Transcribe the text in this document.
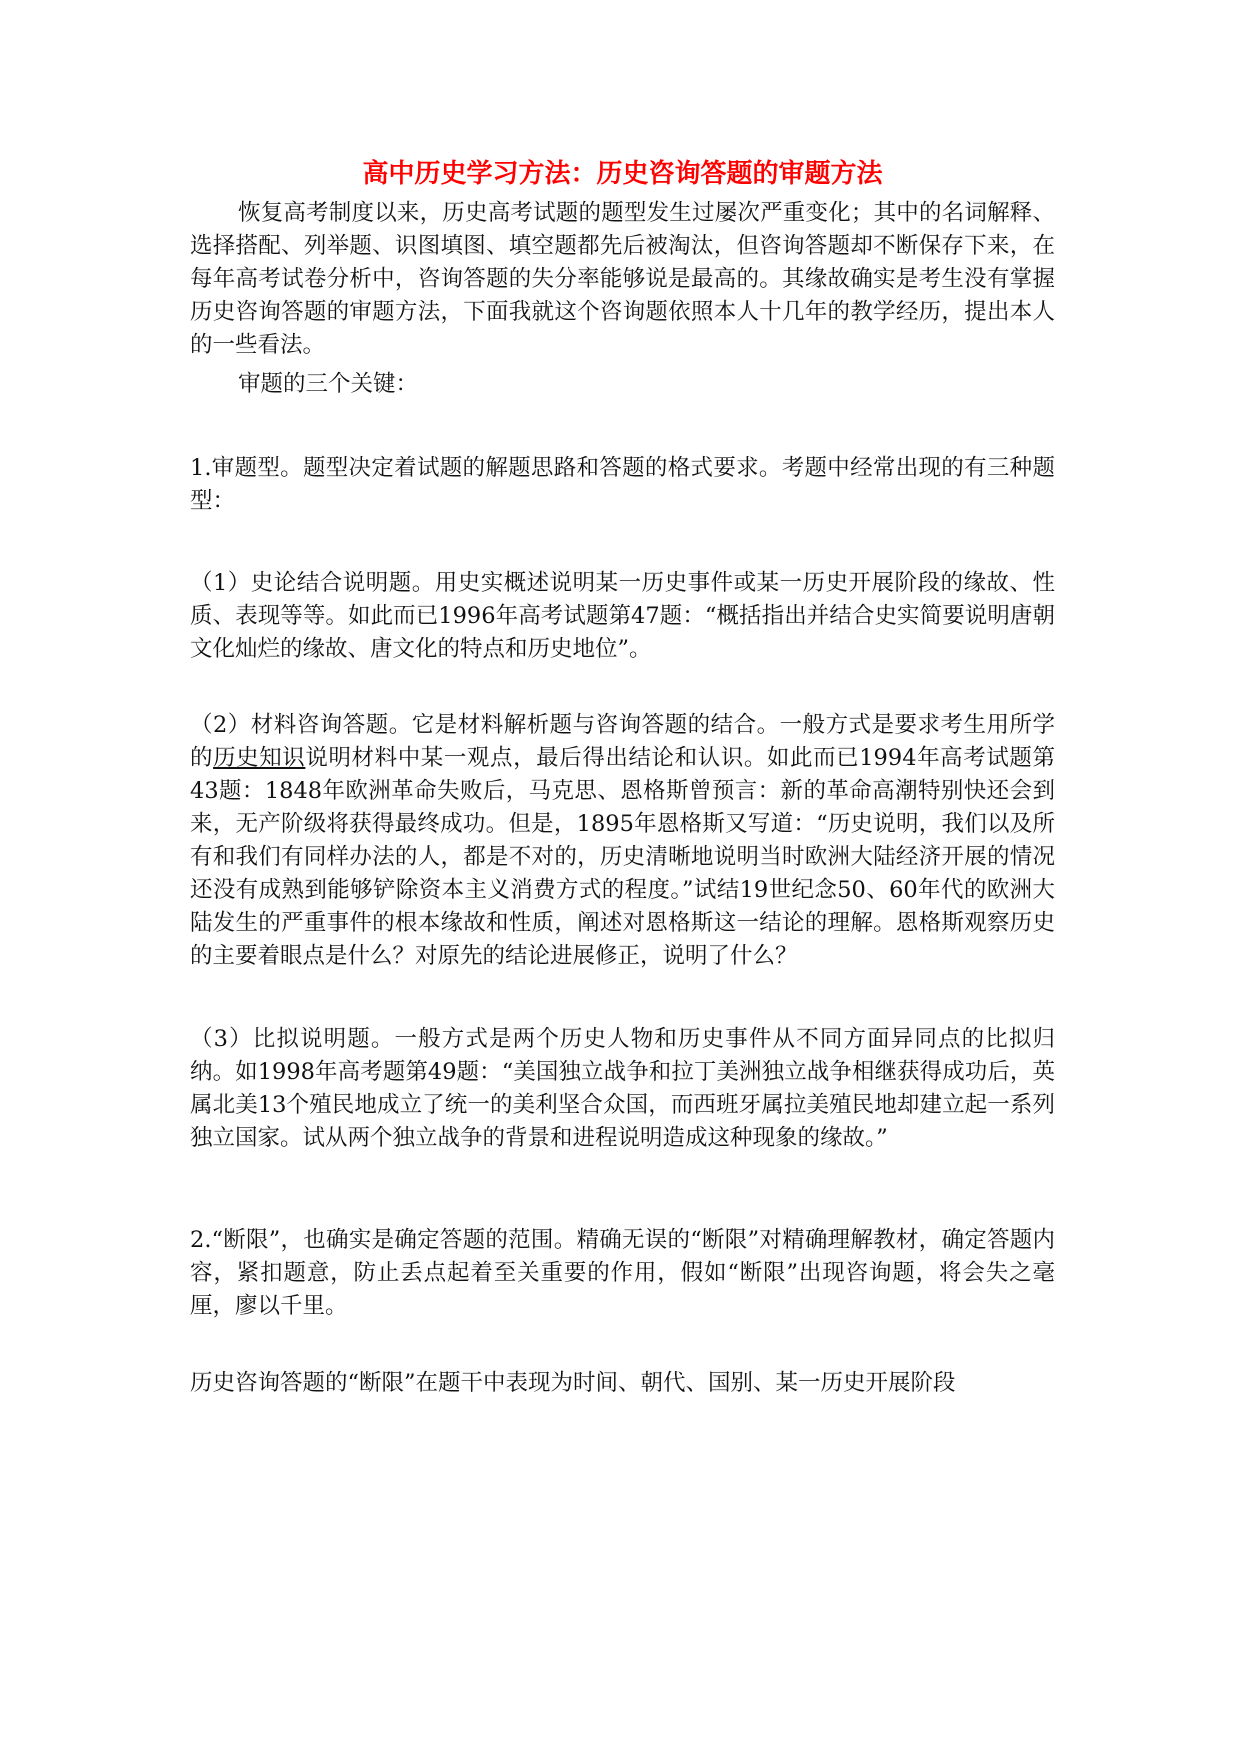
高中历史学习方法：历史咨询答题的审题方法

恢复高考制度以来，历史高考试题的题型发生过屡次严重变化；其中的名词解释、选择搭配、列举题、识图填图、填空题都先后被淘汰，但咨询答题却不断保存下来，在每年高考试卷分析中，咨询答题的失分率能够说是最高的。其缘故确实是考生没有掌握历史咨询答题的审题方法，下面我就这个咨询题依照本人十几年的教学经历，提出本人的一些看法。

审题的三个关键：

1.审题型。题型决定着试题的解题思路和答题的格式要求。考题中经常出现的有三种题型：

（1）史论结合说明题。用史实概述说明某一历史事件或某一历史开展阶段的缘故、性质、表现等等。如此而已1996年高考试题第47题：“概括指出并结合史实简要说明唐朝文化灿烂的缘故、唐文化的特点和历史地位”。

（2）材料咨询答题。它是材料解析题与咨询答题的结合。一般方式是要求考生用所学的历史知识说明材料中某一观点，最后得出结论和认识。如此而已1994年高考试题第43题：1848年欧洲革命失败后，马克思、恩格斯曾预言：新的革命高潮特别快还会到来，无产阶级将获得最终成功。但是，1895年恩格斯又写道：“历史说明，我们以及所有和我们有同样办法的人，都是不对的，历史清晰地说明当时欧洲大陆经济开展的情况还没有成熟到能够铲除资本主义消费方式的程度。”试结19世纪念50、60年代的欧洲大陆发生的严重事件的根本缘故和性质，阐述对恩格斯这一结论的理解。恩格斯观察历史的主要着眼点是什么？对原先的结论进展修正，说明了什么？

（3）比拟说明题。一般方式是两个历史人物和历史事件从不同方面异同点的比拟归纳。如1998年高考题第49题：“美国独立战争和拉丁美洲独立战争相继获得成功后，英属北美13个殖民地成立了统一的美利坚合众国，而西班牙属拉美殖民地却建立起一系列独立国家。试从两个独立战争的背景和进程说明造成这种现象的缘故。”

2.“断限”，也确实是确定答题的范围。精确无误的“断限”对精确理解教材，确定答题内容，紧扣题意，防止丢点起着至关重要的作用，假如“断限”出现咨询题，将会失之毫厘，廖以千里。

历史咨询答题的“断限”在题干中表现为时间、朝代、国别、某一历史开展阶段
